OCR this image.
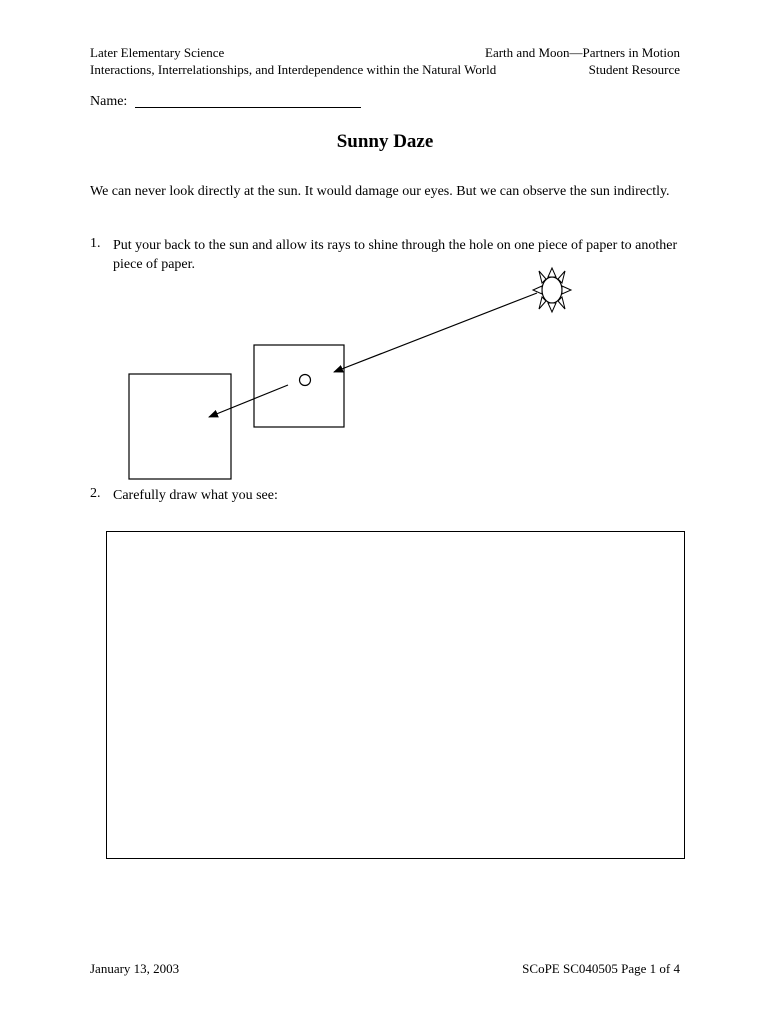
Later Elementary Science	Earth and Moon—Partners in Motion
Interactions, Interrelationships, and Interdependence within the Natural World	Student Resource
Name:
Sunny Daze
We can never look directly at the sun. It would damage our eyes. But we can observe the sun indirectly.
1. Put your back to the sun and allow its rays to shine through the hole on one piece of paper to another piece of paper.
2. Carefully draw what you see:
January 13, 2003	SCoPE SC040505 Page 1 of 4
